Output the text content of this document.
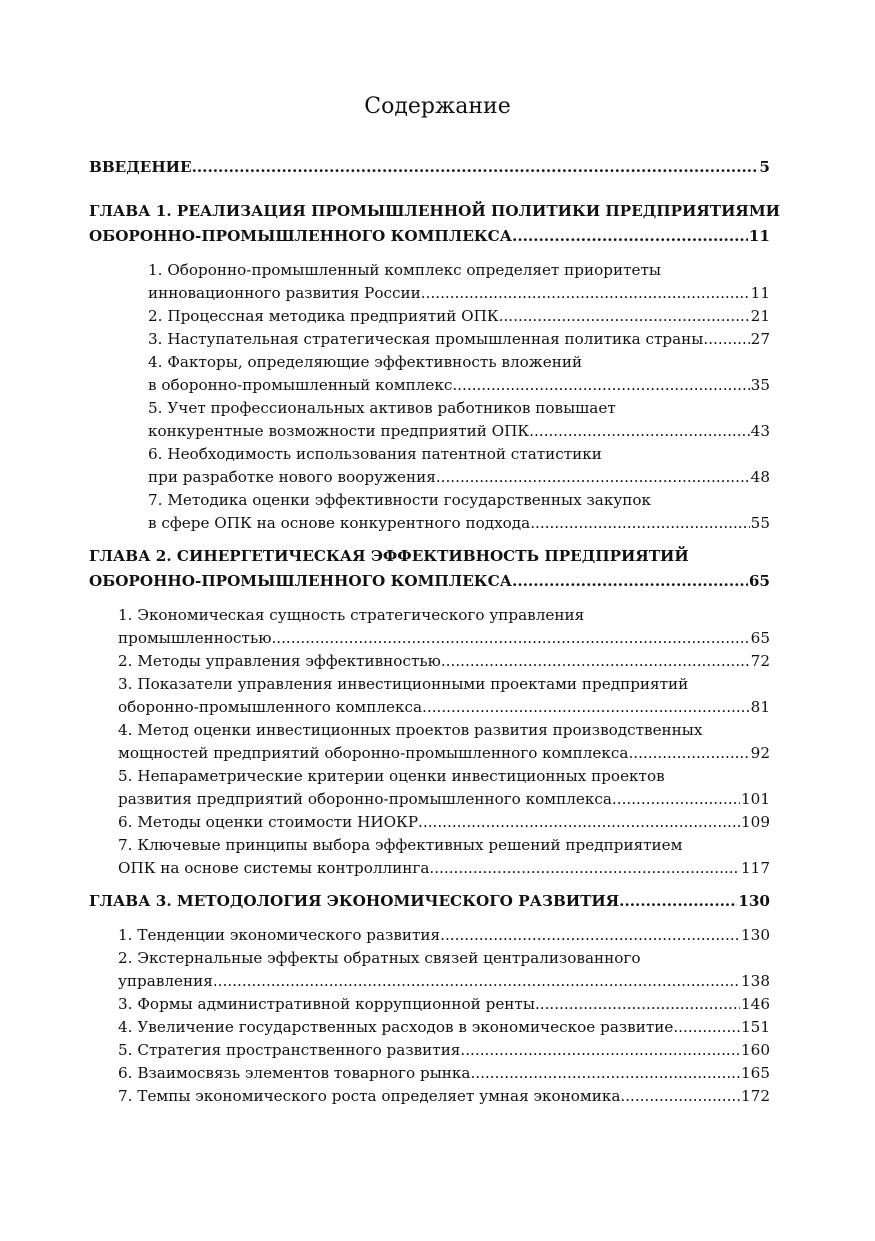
Содержание
ВВЕДЕНИЕ .....	5
ГЛАВА 1. РЕАЛИЗАЦИЯ ПРОМЫШЛЕННОЙ ПОЛИТИКИ ПРЕДПРИЯТИЯМИ
ОБОРОННО-ПРОМЫШЛЕННОГО КОМПЛЕКСА .....	11
1. Оборонно-промышленный комплекс определяет приоритеты
инновационного развития России .....	11
2. Процессная методика предприятий ОПК .....	21
3. Наступательная стратегическая промышленная политика страны .....	27
4. Факторы, определяющие эффективность вложений
в оборонно-промышленный комплекс .....	35
5. Учет профессиональных активов работников повышает
конкурентные возможности предприятий ОПК .....	43
6. Необходимость использования патентной статистики
при разработке нового вооружения .....	48
7. Методика оценки эффективности государственных закупок
в сфере ОПК на основе конкурентного подхода .....	55
ГЛАВА 2. СИНЕРГЕТИЧЕСКАЯ ЭФФЕКТИВНОСТЬ ПРЕДПРИЯТИЙ
ОБОРОННО-ПРОМЫШЛЕННОГО КОМПЛЕКСА .....	65
1. Экономическая сущность стратегического управления
промышленностью .....	65
2. Методы управления эффективностью .....	72
3. Показатели управления инвестиционными проектами предприятий
оборонно-промышленного комплекса .....	81
4. Метод оценки инвестиционных проектов развития производственных
мощностей предприятий оборонно-промышленного комплекса .....	92
5. Непараметрические критерии оценки инвестиционных проектов
развития предприятий оборонно-промышленного комплекса .....	101
6. Методы оценки стоимости НИОКР .....	109
7. Ключевые принципы выбора эффективных решений предприятием
ОПК на основе системы контроллинга .....	117
ГЛАВА 3. МЕТОДОЛОГИЯ ЭКОНОМИЧЕСКОГО РАЗВИТИЯ .....	130
1. Тенденции экономического развития .....	130
2. Экстернальные эффекты обратных связей централизованного
управления .....	138
3. Формы административной коррупционной ренты .....	146
4. Увеличение государственных расходов в экономическое развитие .....	151
5. Стратегия пространственного развития .....	160
6. Взаимосвязь элементов товарного рынка .....	165
7. Темпы экономического роста определяет умная экономика .....	172
